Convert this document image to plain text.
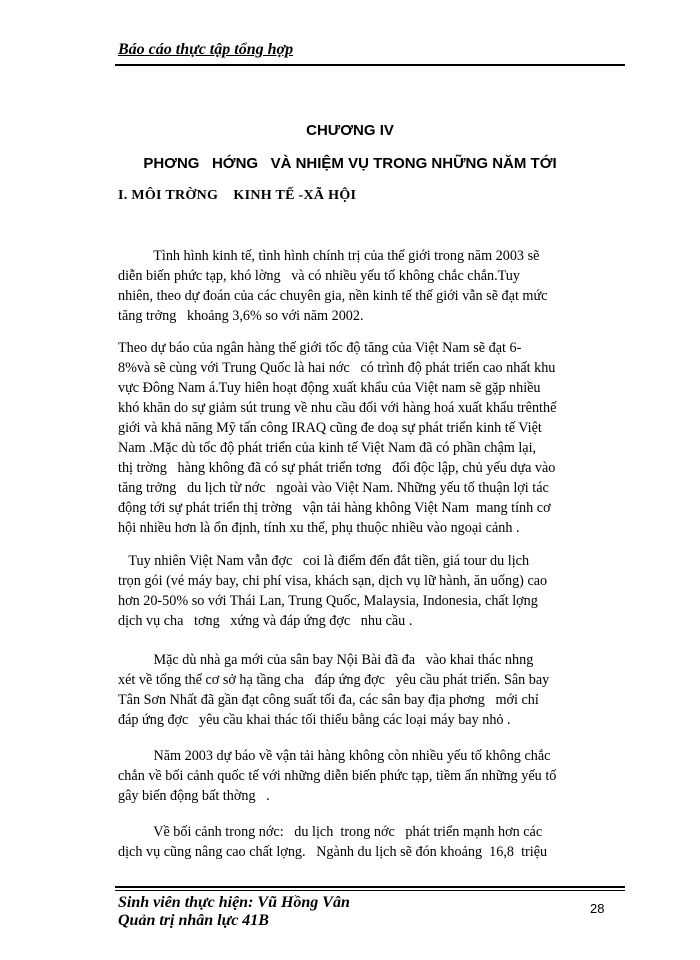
Báo cáo thực tập tổng hợp
CHƯƠNG IV
PHƠNG   HỚNG   VÀ NHIỆM VỤ TRONG NHỮNG NĂM TỚI
I. MÔI TRỜNG    KINH TẾ -XÃ HỘI
Tình hình kinh tế, tình hình chính trị của thế giới trong năm 2003 sẽ
diễn biến phức tạp, khó lờng   và có nhiều yếu tố không chắc chắn.Tuy
nhiên, theo dự đoán của các chuyên gia, nền kinh tế thế giới vẫn sẽ đạt mức
tăng trởng   khoảng 3,6% so với năm 2002.
Theo dự báo của ngân hàng thế giới tốc độ tăng của Việt Nam sẽ đạt 6-
8%và sẽ cùng với Trung Quốc là hai nớc   có trình độ phát triển cao nhất khu
vực Đông Nam á.Tuy hiên hoạt động xuất khẩu của Việt nam sẽ gặp nhiều
khó khăn do sự giảm sút trung về nhu cầu đối với hàng hoá xuất khẩu trênthế
giới và khả năng Mỹ tấn công IRAQ cũng đe doạ sự phát triển kinh tế Việt
Nam .Mặc dù tốc độ phát triển của kinh tế Việt Nam đã có phần chậm lại,
thị trờng   hàng không đã có sự phát triển tơng   đối độc lập, chủ yếu dựa vào
tăng trởng   du lịch từ nớc   ngoài vào Việt Nam. Những yếu tố thuận lợi tác
động tới sự phát triển thị trờng   vận tải hàng không Việt Nam  mang tính cơ
hội nhiều hơn là ổn định, tính xu thế, phụ thuộc nhiều vào ngoại cảnh .
Tuy nhiên Việt Nam vẫn đợc   coi là điểm đến đắt tiền, giá tour du lịch
trọn gói (vé máy bay, chi phí visa, khách sạn, dịch vụ lữ hành, ăn uống) cao
hơn 20-50% so với Thái Lan, Trung Quốc, Malaysia, Indonesia, chất lợng
dịch vụ cha   tơng   xứng và đáp ứng đợc   nhu cầu .
Mặc dù nhà ga mới của sân bay Nội Bài đã đa   vào khai thác nhng
xét về tổng thể cơ sở hạ tầng cha   đáp ứng đợc   yêu cầu phát triển. Sân bay
Tân Sơn Nhất đã gần đạt công suất tối đa, các sân bay địa phơng   mới chỉ
đáp ứng đợc   yêu cầu khai thác tối thiểu bằng các loại máy bay nhỏ .
Năm 2003 dự báo về vận tải hàng không còn nhiều yếu tố không chắc
chắn về bối cảnh quốc tế với những diễn biến phức tạp, tiềm ẩn những yếu tố
gây biến động bất thờng   .
Về bối cảnh trong nớc:   du lịch  trong nớc   phát triển mạnh hơn các
dịch vụ cũng nâng cao chất lợng.   Ngành du lịch sẽ đón khoảng  16,8  triệu
Sinh viên thực hiện: Vũ Hồng Vân
Quản trị nhân lực 41B
28
